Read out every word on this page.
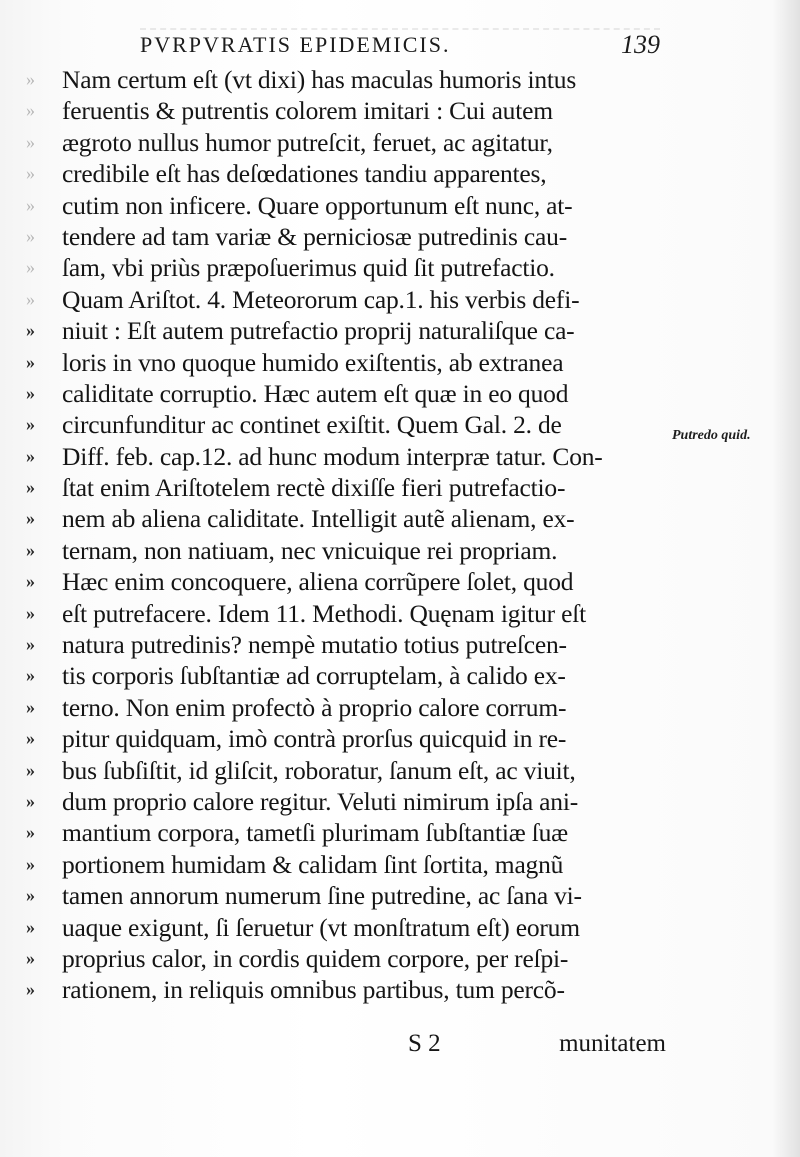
PVRPVRATIS EPIDEMICIS.	139
»	Nam certum eſt (vt dixi) has maculas humoris intus
»	feruentis & putrentis colorem imitari : Cui autem
»	ægroto nullus humor putreſcit, feruet, ac agitatur,
»	credibile eſt has deſœdationes tandiu apparentes,
»	cutim non inficere. Quare opportunum eſt nunc, at-
»	tendere ad tam variæ & perniciosæ putredinis cau-
»	ſam, vbi priùs præpoſuerimus quid ſit putrefactio.
»	Quam Ariſtot. 4. Meteororum cap.1. his verbis defi-
»	niuit : Eſt autem putrefactio proprij naturaliſque ca-
»	loris in vno quoque humido exiſtentis, ab extranea
»	caliditate corruptio. Hæc autem eſt quæ in eo quod
»	circunfunditur ac continet exiſtit. Quem Gal. 2. de
»	Diff. feb. cap.12. ad hunc modum interpræ tatur. Con-
»	ſtat enim Ariſtotelem rectè dixiſſe fieri putrefactio-
»	nem ab aliena caliditate. Intelligit autẽ alienam, ex-
»	ternam, non natiuam, nec vnicuique rei propriam.
»	Hæc enim concoquere, aliena corrũpere ſolet, quod
»	eſt putrefacere. Idem 11. Methodi. Quęnam igitur eſt
»	natura putredinis? nempè mutatio totius putreſcen-
»	tis corporis ſubſtantiæ ad corruptelam, à calido ex-
»	terno. Non enim profectò à proprio calore corrum-
»	pitur quidquam, imò contrà prorſus quicquid in re-
»	bus ſubſiſtit, id gliſcit, roboratur, ſanum eſt, ac viuit,
»	dum proprio calore regitur. Veluti nimirum ipſa ani-
»	mantium corpora, tametſi plurimam ſubſtantiæ ſuæ
»	portionem humidam & calidam ſint ſortita, magnũ
»	tamen annorum numerum ſine putredine, ac ſana vi-
»	uaque exigunt, ſi ſeruetur (vt monſtratum eſt) eorum
»	proprius calor, in cordis quidem corpore, per reſpi-
»	rationem, in reliquis omnibus partibus, tum percõ-
Putredo quid.
S 2	munitatem
